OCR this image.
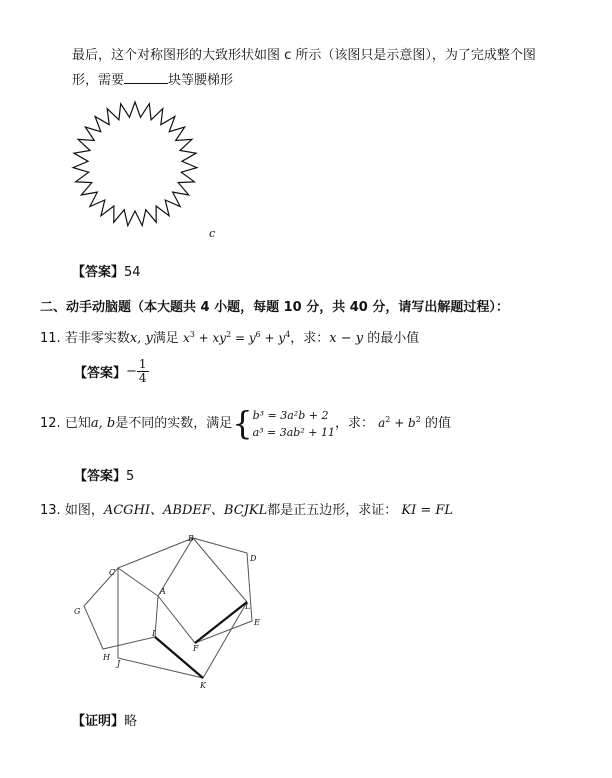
最后，这个对称图形的大致形状如图 c 所示（该图只是示意图），为了完成整个图
形，需要	块等腰梯形
c
【答案】54
二、动手动脑题（本大题共 4 小题，每题 10 分，共 40 分，请写出解题过程）：
11. 若非零实数x, y满足 $x^3 + xy^2 = y^6 + y^4$，求：x − y 的最小值
【答案】− $\frac{1}{4}$
12. 已知a, b是不同的实数，满足{ b³ = 3a²b + 2
a³ = 3ab² + 11
，求： $a^2 + b^2$ 的值
【答案】5
13. 如图，ACGHI、ABDEF、BCJKL都是正五边形，求证： KI = FL
A
B
C
D
E
F
G
H
I
J
K
L
【证明】略
